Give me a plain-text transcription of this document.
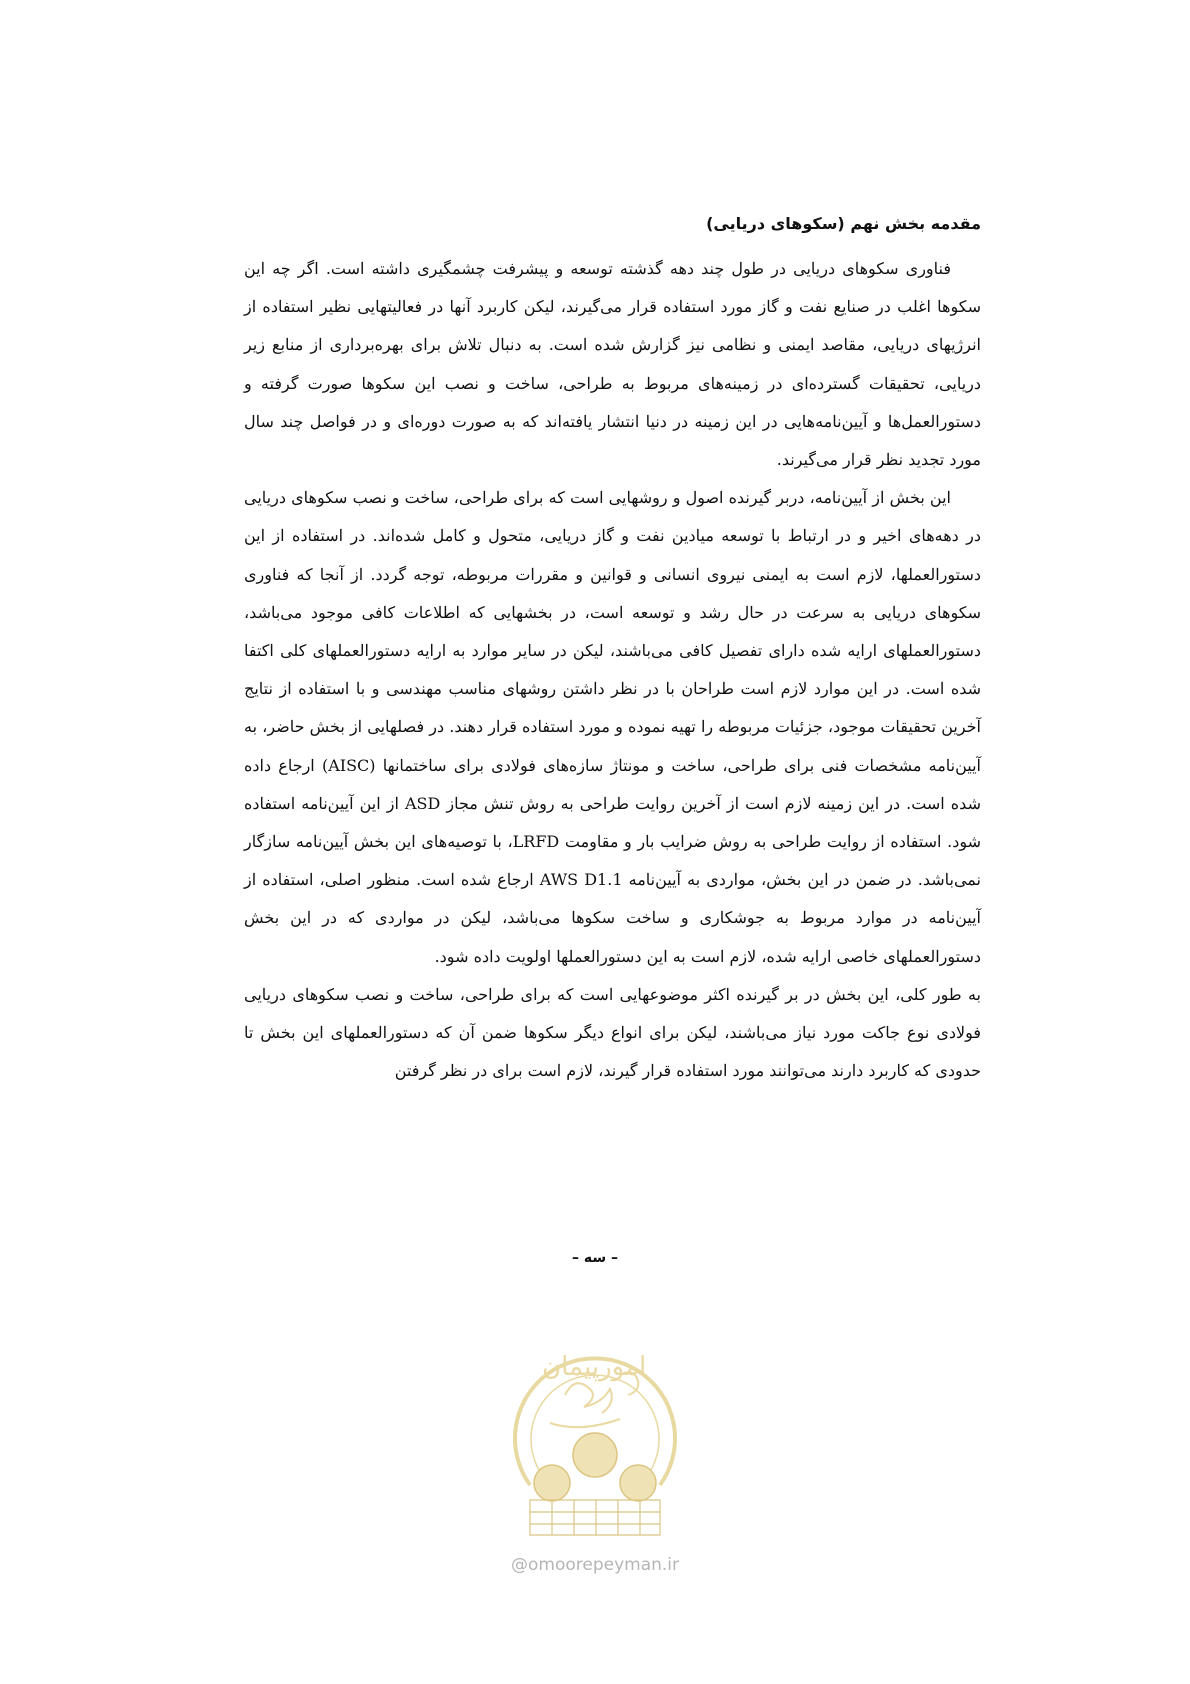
مقدمه بخش نهم (سکوهای دریایی)

فناوری سکوهای دریایی در طول چند دهه گذشته توسعه و پیشرفت چشمگیری داشته است. اگر چه این سکوها اغلب در صنایع نفت و گاز مورد استفاده قرار می‌گیرند، لیکن کاربرد آنها در فعالیتهایی نظیر استفاده از انرژیهای دریایی، مقاصد ایمنی و نظامی نیز گزارش شده است. به دنبال تلاش برای بهره‌برداری از منابع زیر دریایی، تحقیقات گسترده‌ای در زمینه‌های مربوط به طراحی، ساخت و نصب این سکوها صورت گرفته و دستورالعمل‌ها و آیین‌نامه‌هایی در این زمینه در دنیا انتشار یافته‌اند که به صورت دوره‌ای و در فواصل چند سال مورد تجدید نظر قرار می‌گیرند.

این بخش از آیین‌نامه، دربر گیرنده اصول و روشهایی است که برای طراحی، ساخت و نصب سکوهای دریایی در دهه‌های اخیر و در ارتباط با توسعه میادین نفت و گاز دریایی، متحول و کامل شده‌اند. در استفاده از این دستورالعملها، لازم است به ایمنی نیروی انسانی و قوانین و مقررات مربوطه، توجه گردد. از آنجا که فناوری سکوهای دریایی به سرعت در حال رشد و توسعه است، در بخشهایی که اطلاعات کافی موجود می‌باشد، دستورالعملهای ارایه شده دارای تفصیل کافی می‌باشند، لیکن در سایر موارد به ارایه دستورالعملهای کلی اکتفا شده است. در این موارد لازم است طراحان با در نظر داشتن روشهای مناسب مهندسی و با استفاده از نتایج آخرین تحقیقات موجود، جزئیات مربوطه را تهیه نموده و مورد استفاده قرار دهند. در فصلهایی از بخش حاضر، به آیین‌نامه مشخصات فنی برای طراحی، ساخت و مونتاژ سازه‌های فولادی برای ساختمانها (AISC) ارجاع داده شده است. در این زمینه لازم است از آخرین روایت طراحی به روش تنش مجاز ASD از این آیین‌نامه استفاده شود. استفاده از روایت طراحی به روش ضرایب بار و مقاومت LRFD، با توصیه‌های این بخش آیین‌نامه سازگار نمی‌باشد. در ضمن در این بخش، مواردی به آیین‌نامه AWS D1.1 ارجاع شده است. منظور اصلی، استفاده از آیین‌نامه در موارد مربوط به جوشکاری و ساخت سکوها می‌باشد، لیکن در مواردی که در این بخش دستورالعملهای خاصی ارایه شده، لازم است به این دستورالعملها اولویت داده شود.

به طور کلی، این بخش در بر گیرنده اکثر موضوعهایی است که برای طراحی، ساخت و نصب سکوهای دریایی فولادی نوع جاکت مورد نیاز می‌باشند، لیکن برای انواع دیگر سکوها ضمن آن که دستورالعملهای این بخش تا حدودی که کاربرد دارند می‌توانند مورد استفاده قرار گیرند، لازم است برای در نظر گرفتن

– سه –
امورپیمان
@omoorepeyman.ir
